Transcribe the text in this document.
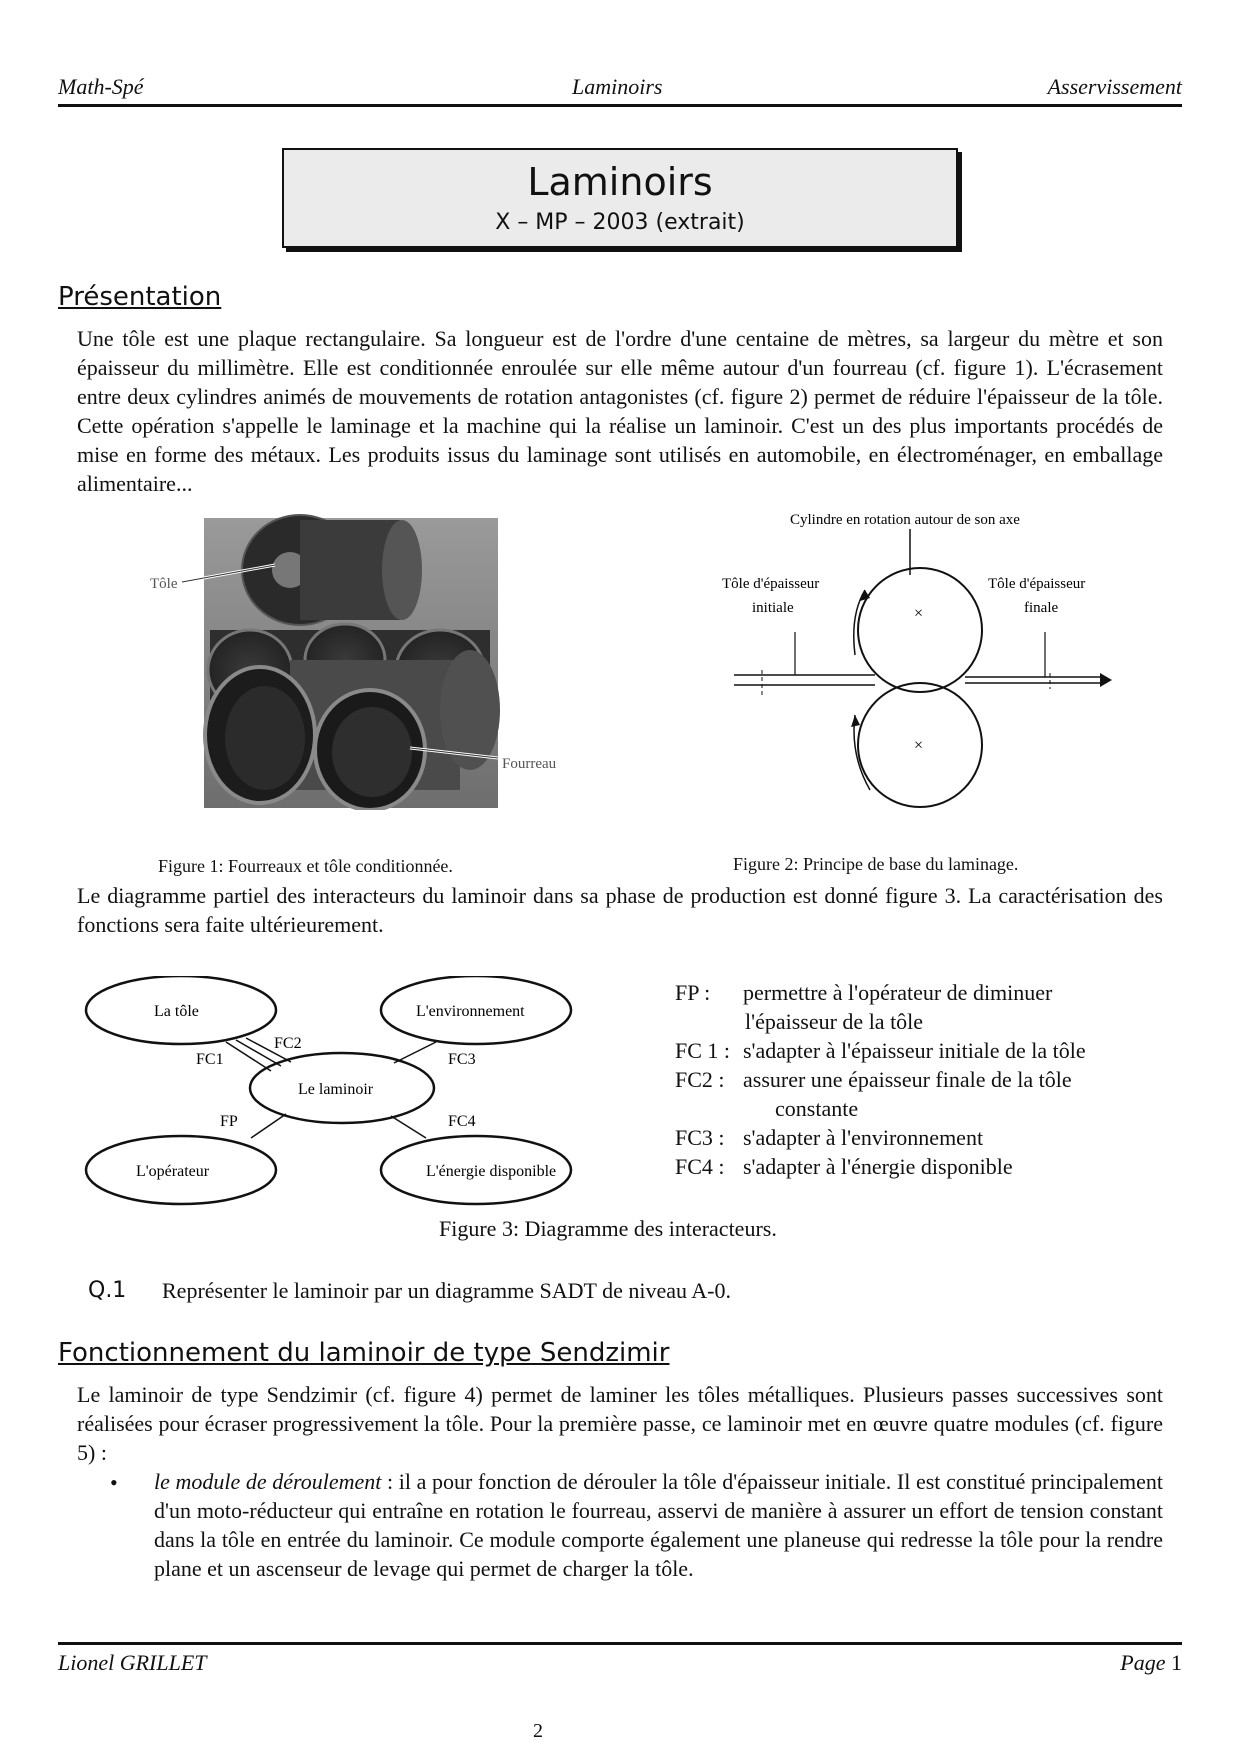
Math-Spé	Laminoirs	Asservissement
Laminoirs
X – MP – 2003 (extrait)
Présentation

Une tôle est une plaque rectangulaire. Sa longueur est de l'ordre d'une centaine de mètres, sa largeur du mètre et son épaisseur du millimètre. Elle est conditionnée enroulée sur elle même autour d'un fourreau (cf. figure 1). L'écrasement entre deux cylindres animés de mouvements de rotation antagonistes (cf. figure 2) permet de réduire l'épaisseur de la tôle. Cette opération s'appelle le laminage et la machine qui la réalise un laminoir. C'est un des plus importants procédés de mise en forme des métaux. Les produits issus du laminage sont utilisés en automobile, en électroménager, en emballage alimentaire...

Tôle
Fourreau
Figure 1: Fourreaux et tôle conditionnée.
Cylindre en rotation autour de son axe
×
×
Tôle d'épaisseur
initiale
Tôle d'épaisseur
finale
Figure 2: Principe de base du laminage.

Le diagramme partiel des interacteurs du laminoir dans sa phase de production est donné figure 3. La caractérisation des fonctions sera faite ultérieurement.

La tôle	L'environnement
Le laminoir
L'opérateur	L'énergie disponible
FC1
FC2
FC3
FC4
FP
FP : permettre à l'opérateur de diminuer
l'épaisseur de la tôle
FC 1 : s'adapter à l'épaisseur initiale de la tôle
FC2 : assurer une épaisseur finale de la tôle
constante
FC3 : s'adapter à l'environnement
FC4 : s'adapter à l'énergie disponible
Figure 3: Diagramme des interacteurs.
Q.1 Représenter le laminoir par un diagramme SADT de niveau A-0.
Fonctionnement du laminoir de type Sendzimir

Le laminoir de type Sendzimir (cf. figure 4) permet de laminer les tôles métalliques. Plusieurs passes successives sont réalisées pour écraser progressivement la tôle. Pour la première passe, ce laminoir met en œuvre quatre modules (cf. figure 5) :

• le module de déroulement : il a pour fonction de dérouler la tôle d'épaisseur initiale. Il est constitué principalement d'un moto-réducteur qui entraîne en rotation le fourreau, asservi de manière à assurer un effort de tension constant dans la tôle en entrée du laminoir. Ce module comporte également une planeuse qui redresse la tôle pour la rendre plane et un ascenseur de levage qui permet de charger la tôle.

Lionel GRILLET	Page 1
2
